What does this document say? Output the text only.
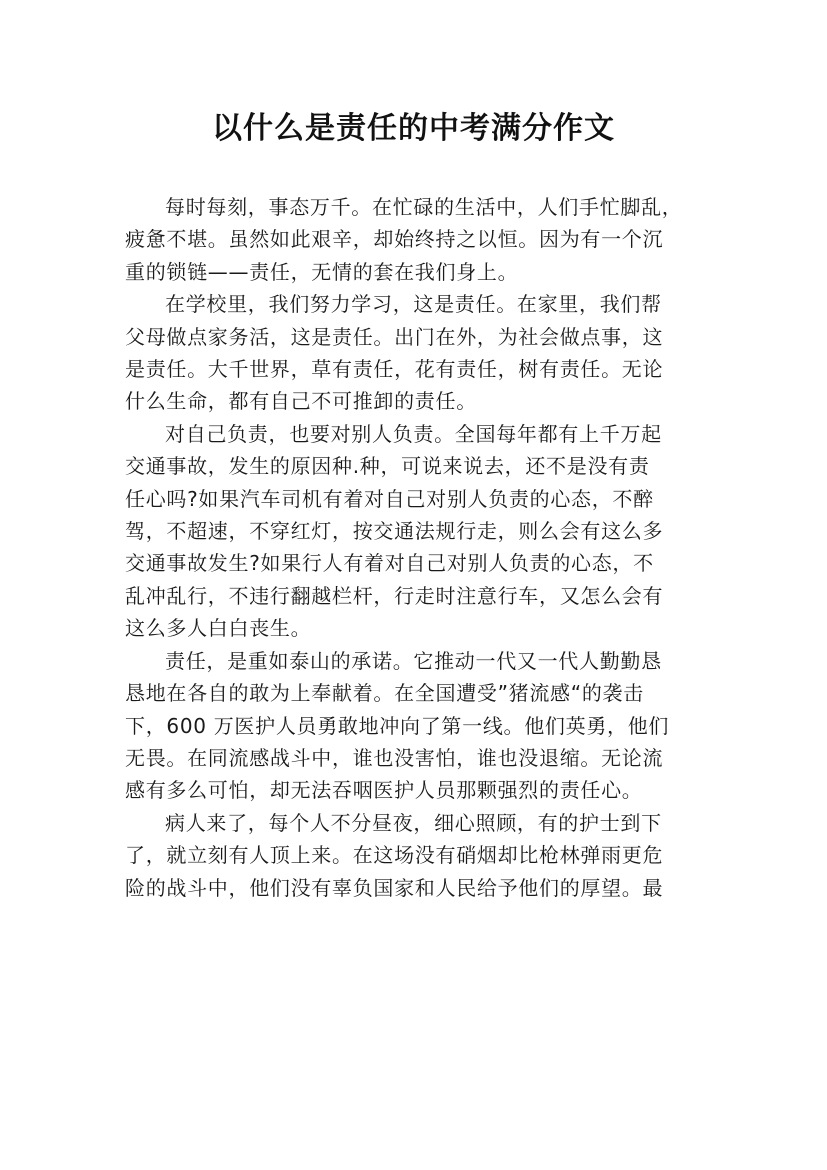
以什么是责任的中考满分作文

每时每刻，事态万千。在忙碌的生活中，人们手忙脚乱，
疲惫不堪。虽然如此艰辛，却始终持之以恒。因为有一个沉
重的锁链——责任，无情的套在我们身上。

在学校里，我们努力学习，这是责任。在家里，我们帮
父母做点家务活，这是责任。出门在外，为社会做点事，这
是责任。大千世界，草有责任，花有责任，树有责任。无论
什么生命，都有自己不可推卸的责任。

对自己负责，也要对别人负责。全国每年都有上千万起
交通事故，发生的原因种.种，可说来说去，还不是没有责
任心吗?如果汽车司机有着对自己对别人负责的心态，不醉
驾，不超速，不穿红灯，按交通法规行走，则么会有这么多
交通事故发生?如果行人有着对自己对别人负责的心态，不
乱冲乱行，不违行翻越栏杆，行走时注意行车，又怎么会有
这么多人白白丧生。

责任，是重如泰山的承诺。它推动一代又一代人勤勤恳
恳地在各自的敢为上奉献着。在全国遭受”猪流感“的袭击
下，600 万医护人员勇敢地冲向了第一线。他们英勇，他们
无畏。在同流感战斗中，谁也没害怕，谁也没退缩。无论流
感有多么可怕，却无法吞咽医护人员那颗强烈的责任心。

病人来了，每个人不分昼夜，细心照顾，有的护士到下
了，就立刻有人顶上来。在这场没有硝烟却比枪林弹雨更危
险的战斗中，他们没有辜负国家和人民给予他们的厚望。最
